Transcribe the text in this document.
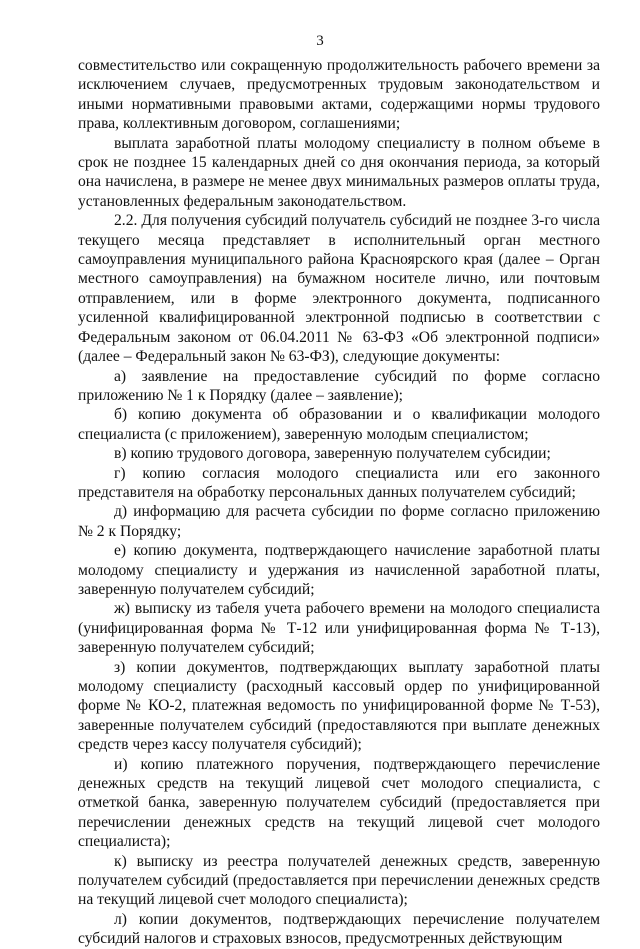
3

совместительство или сокращенную продолжительность рабочего времени за исключением случаев, предусмотренных трудовым законодательством и иными нормативными правовыми актами, содержащими нормы трудового права, коллективным договором, соглашениями;

выплата заработной платы молодому специалисту в полном объеме в срок не позднее 15 календарных дней со дня окончания периода, за который она начислена, в размере не менее двух минимальных размеров оплаты труда, установленных федеральным законодательством.

2.2. Для получения субсидий получатель субсидий не позднее 3-го числа текущего месяца представляет в исполнительный орган местного самоуправления муниципального района Красноярского края (далее – Орган местного самоуправления) на бумажном носителе лично, или почтовым отправлением, или в форме электронного документа, подписанного усиленной квалифицированной электронной подписью в соответствии с Федеральным законом от 06.04.2011 № 63-ФЗ «Об электронной подписи» (далее – Федеральный закон № 63-ФЗ), следующие документы:

а) заявление на предоставление субсидий по форме согласно приложению № 1 к Порядку (далее – заявление);

б) копию документа об образовании и о квалификации молодого специалиста (с приложением), заверенную молодым специалистом;

в) копию трудового договора, заверенную получателем субсидии;

г) копию согласия молодого специалиста или его законного представителя на обработку персональных данных получателем субсидий;

д) информацию для расчета субсидии по форме согласно приложению № 2 к Порядку;

е) копию документа, подтверждающего начисление заработной платы молодому специалисту и удержания из начисленной заработной платы, заверенную получателем субсидий;

ж) выписку из табеля учета рабочего времени на молодого специалиста (унифицированная форма № Т-12 или унифицированная форма № Т-13), заверенную получателем субсидий;

з) копии документов, подтверждающих выплату заработной платы молодому специалисту (расходный кассовый ордер по унифицированной форме № КО-2, платежная ведомость по унифицированной форме № Т-53), заверенные получателем субсидий (предоставляются при выплате денежных средств через кассу получателя субсидий);

и) копию платежного поручения, подтверждающего перечисление денежных средств на текущий лицевой счет молодого специалиста, с отметкой банка, заверенную получателем субсидий (предоставляется при перечислении денежных средств на текущий лицевой счет молодого специалиста);

к) выписку из реестра получателей денежных средств, заверенную получателем субсидий (предоставляется при перечислении денежных средств на текущий лицевой счет молодого специалиста);

л) копии документов, подтверждающих перечисление получателем субсидий налогов и страховых взносов, предусмотренных действующим
